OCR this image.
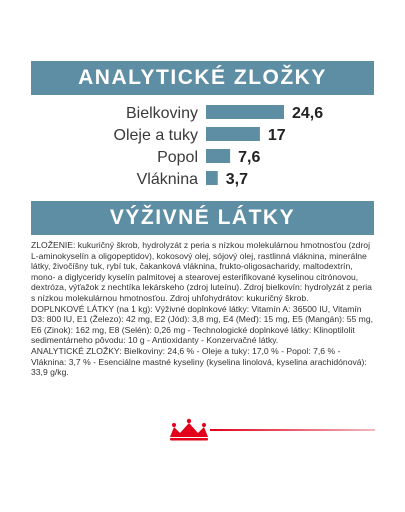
ANALYTICKÉ ZLOŽKY
Bielkoviny	24,6
Oleje a tuky	17
Popol	7,6
Vláknina 3,7
VÝŽIVNÉ LÁTKY

ZLOŽENIE: kukuričný škrob, hydrolyzát z peria s nízkou molekulárnou hmotnosťou (zdroj L-aminokyselín a oligopeptidov), kokosový olej, sójový olej, rastlinná vláknina, minerálne látky, živočíšny tuk, rybí tuk, čakanková vláknina, frukto-oligosacharidy, maltodextrín, mono- a diglyceridy kyselín palmitovej a stearovej esterifikované kyselinou citrónovou, dextróza, výťažok z nechtíka lekárskeho (zdroj luteínu). Zdroj bielkovín: hydrolyzát z peria s nízkou molekulárnou hmotnosťou. Zdroj uhľohydrátov: kukuričný škrob.

DOPLNKOVÉ LÁTKY (na 1 kg): Výživné doplnkové látky: Vitamín A: 36500 IU, Vitamín D3: 800 IU, E1 (Železo): 42 mg, E2 (Jód): 3,8 mg, E4 (Meď): 15 mg, E5 (Mangán): 55 mg, E6 (Zinok): 162 mg, E8 (Selén): 0,26 mg - Technologické doplnkové látky: Klinoptilolit sedimentárneho pôvodu: 10 g - Antioxidanty - Konzervačné látky.

ANALYTICKÉ ZLOŽKY: Bielkoviny: 24,6 % - Oleje a tuky: 17,0 % - Popol: 7,6 % - Vláknina: 3,7 % - Esenciálne mastné kyseliny (kyselina linolová, kyselina arachidónová): 33,9 g/kg.
